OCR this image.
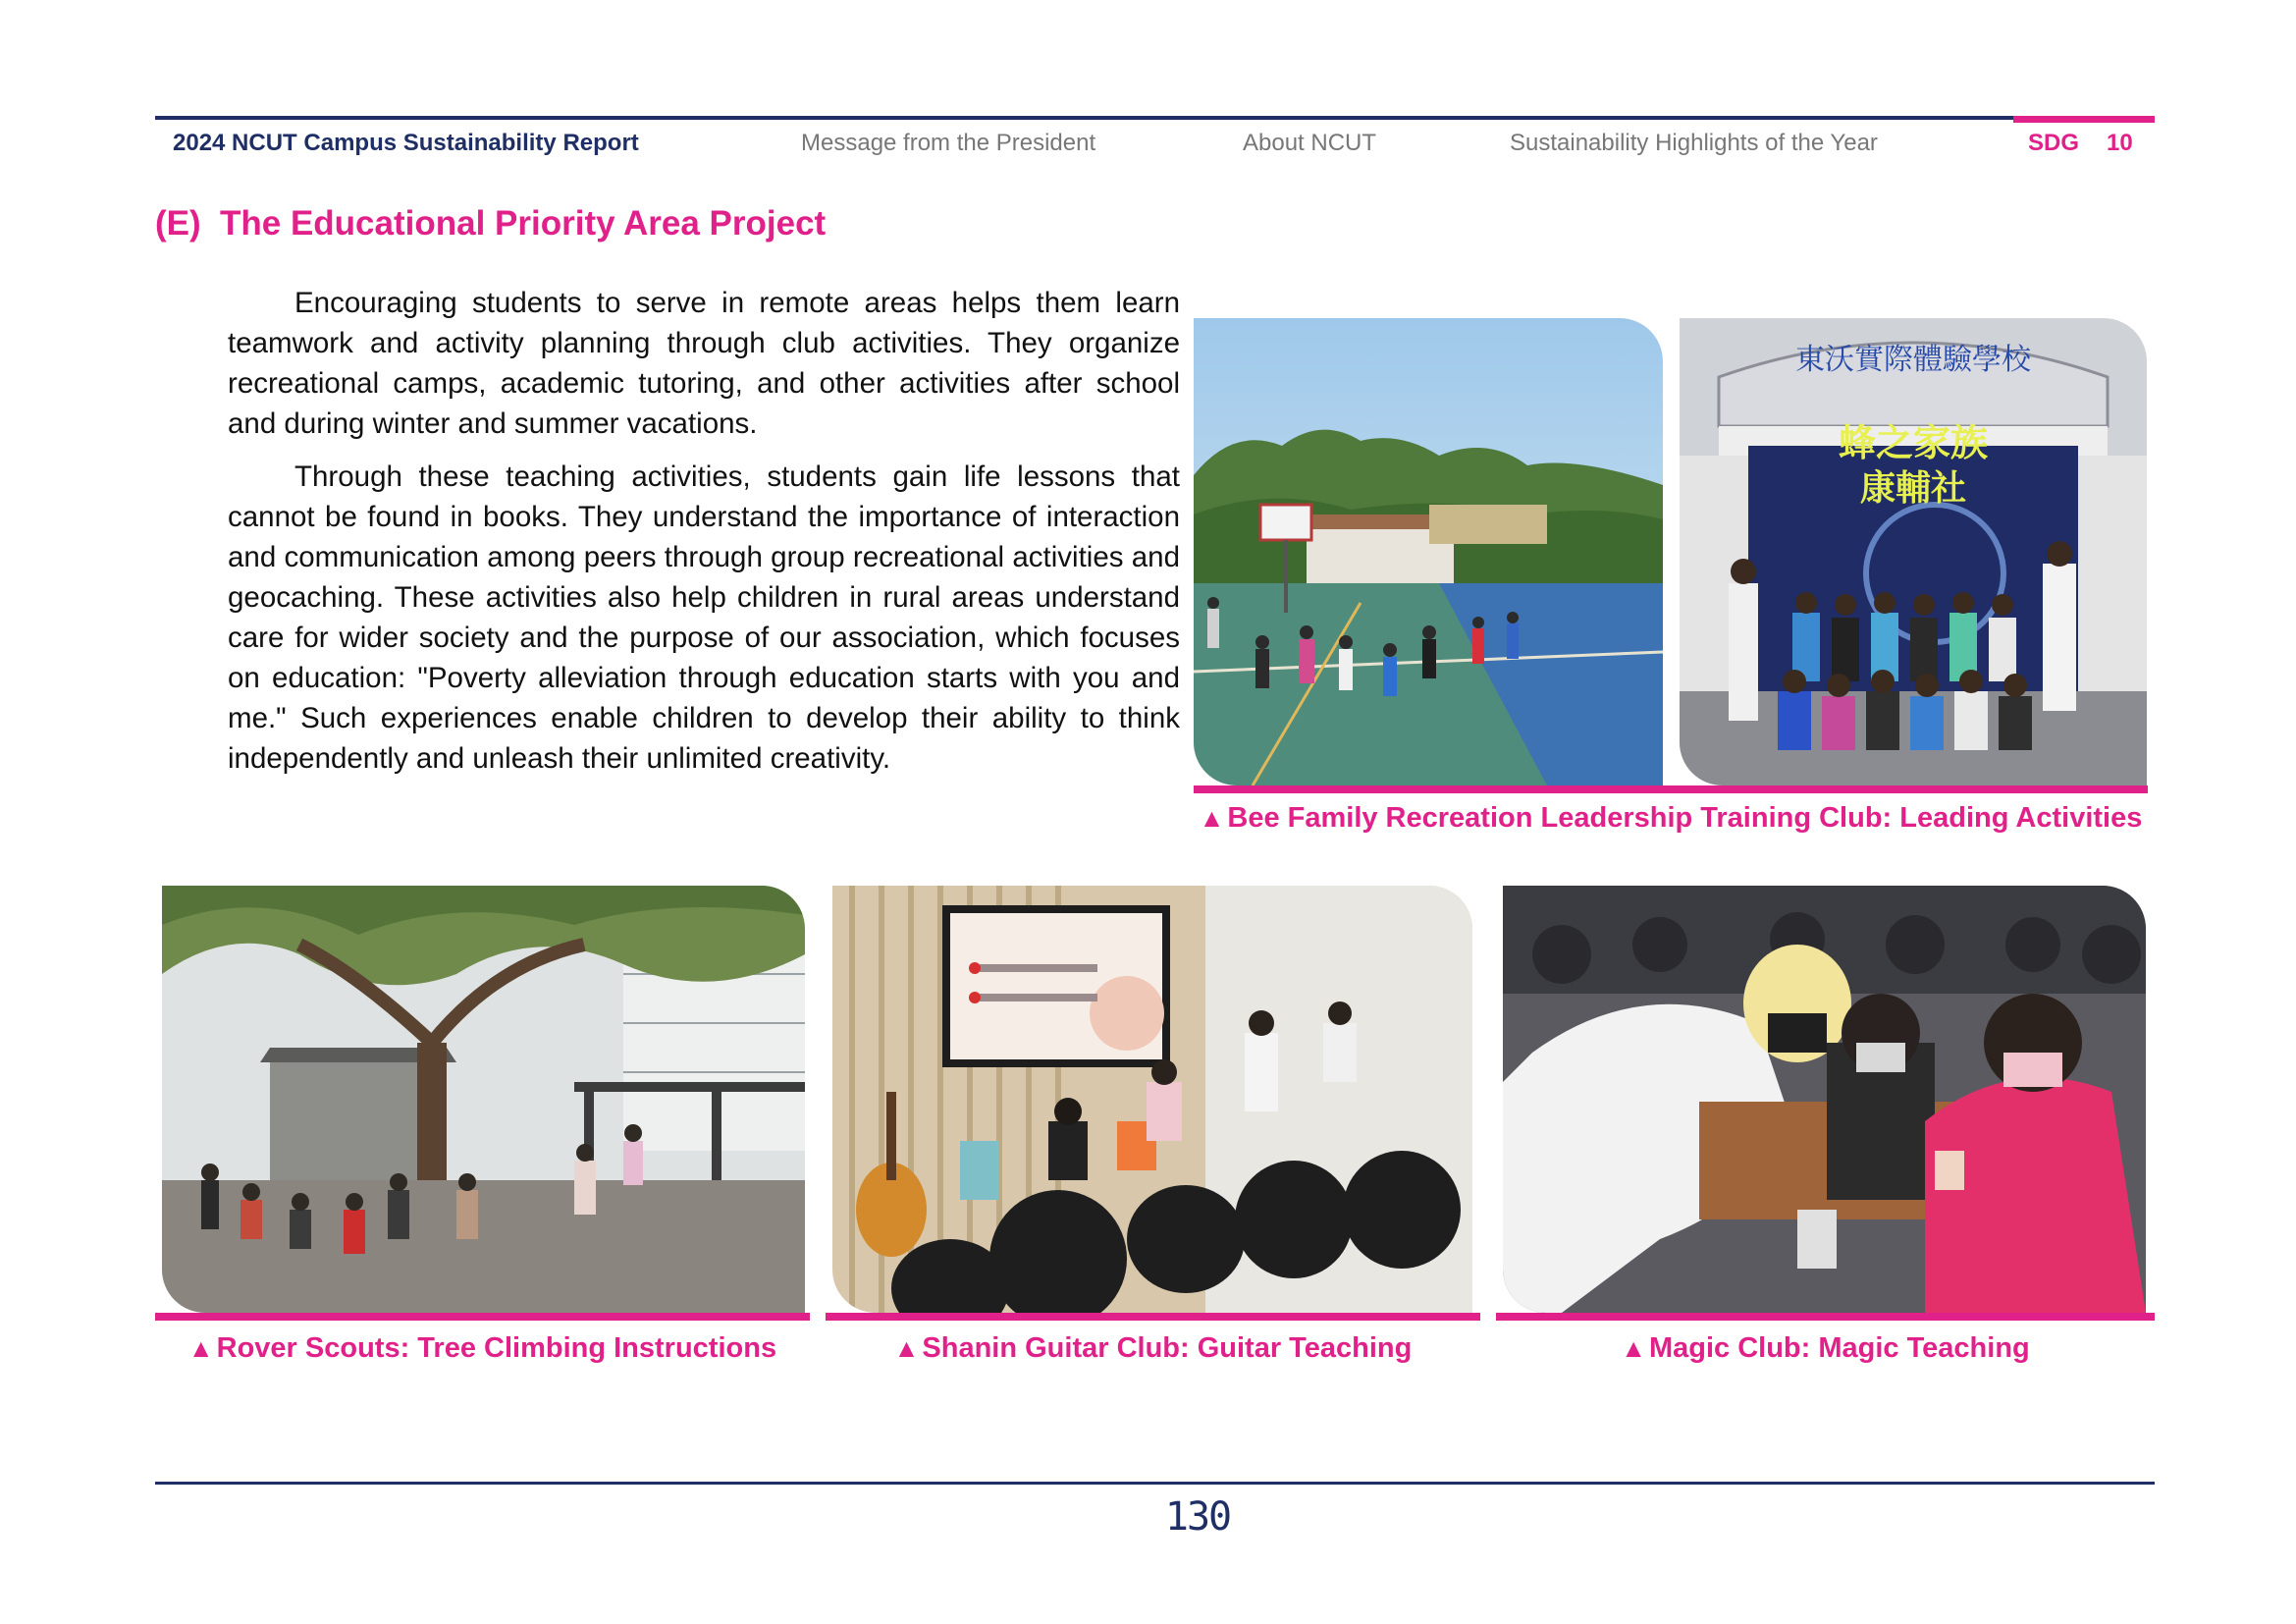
2024 NCUT Campus Sustainability Report	Message from the President	About NCUT	Sustainability Highlights of the Year	SDG 10
(E) The Educational Priority Area Project

Encouraging students to serve in remote areas helps them learn teamwork and activity planning through club activities. They organize recreational camps, academic tutoring, and other activities after school and during winter and summer vacations.

Through these teaching activities, students gain life lessons that cannot be found in books. They understand the importance of interaction and communication among peers through group recreational activities and geocaching. These activities also help children in rural areas understand care for wider society and the purpose of our association, which focuses on education: "Poverty alleviation through education starts with you and me." Such experiences enable children to develop their ability to think independently and unleash their unlimited creativity.

東沃實際體驗學校
蜂之家族
康輔社
▲ Bee Family Recreation Leadership Training Club: Leading Activities
▲ Rover Scouts: Tree Climbing Instructions	▲ Shanin Guitar Club: Guitar Teaching	▲ Magic Club: Magic Teaching
130
